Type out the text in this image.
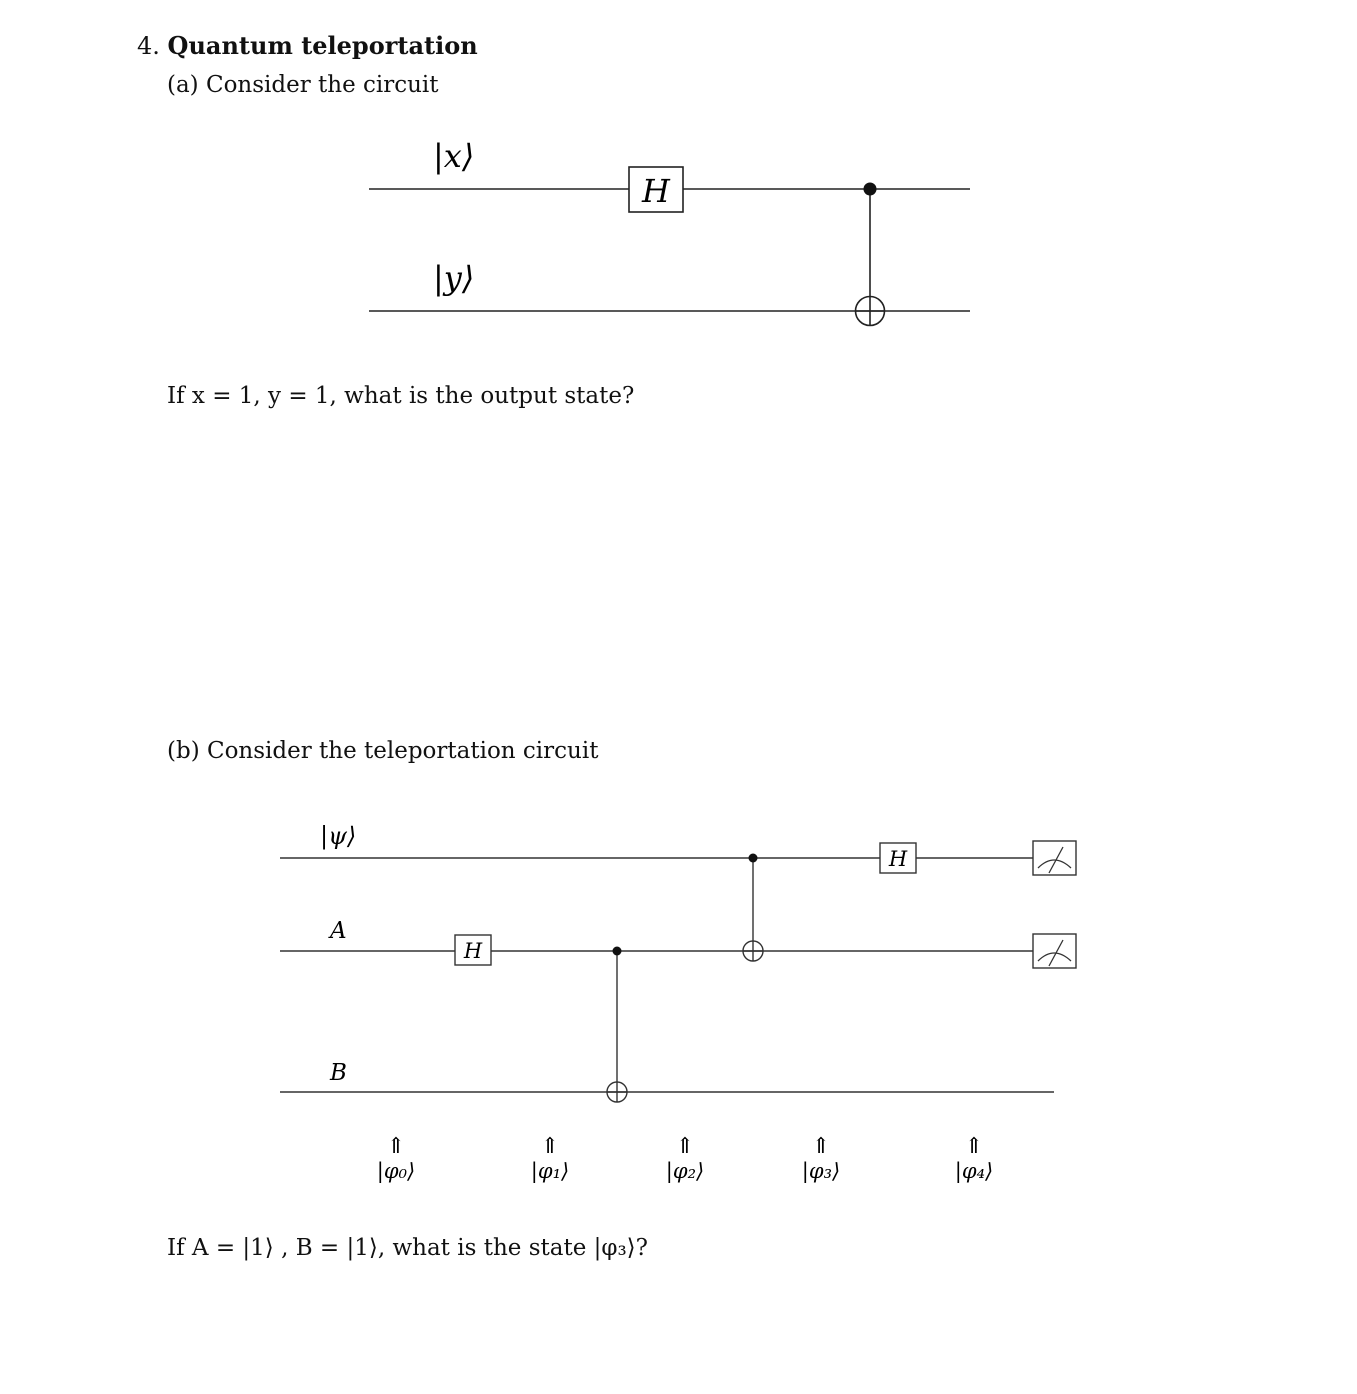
4. Quantum teleportation
(a) Consider the circuit
|x⟩
|y⟩
H
If x = 1, y = 1, what is the output state?
(b) Consider the teleportation circuit
|ψ⟩
A
B
H
H
⇑	⇑	⇑	⇑	⇑
|φ₀⟩	|φ₁⟩	|φ₂⟩	|φ₃⟩	|φ₄⟩
If A = |1⟩ , B = |1⟩, what is the state |φ₃⟩?
